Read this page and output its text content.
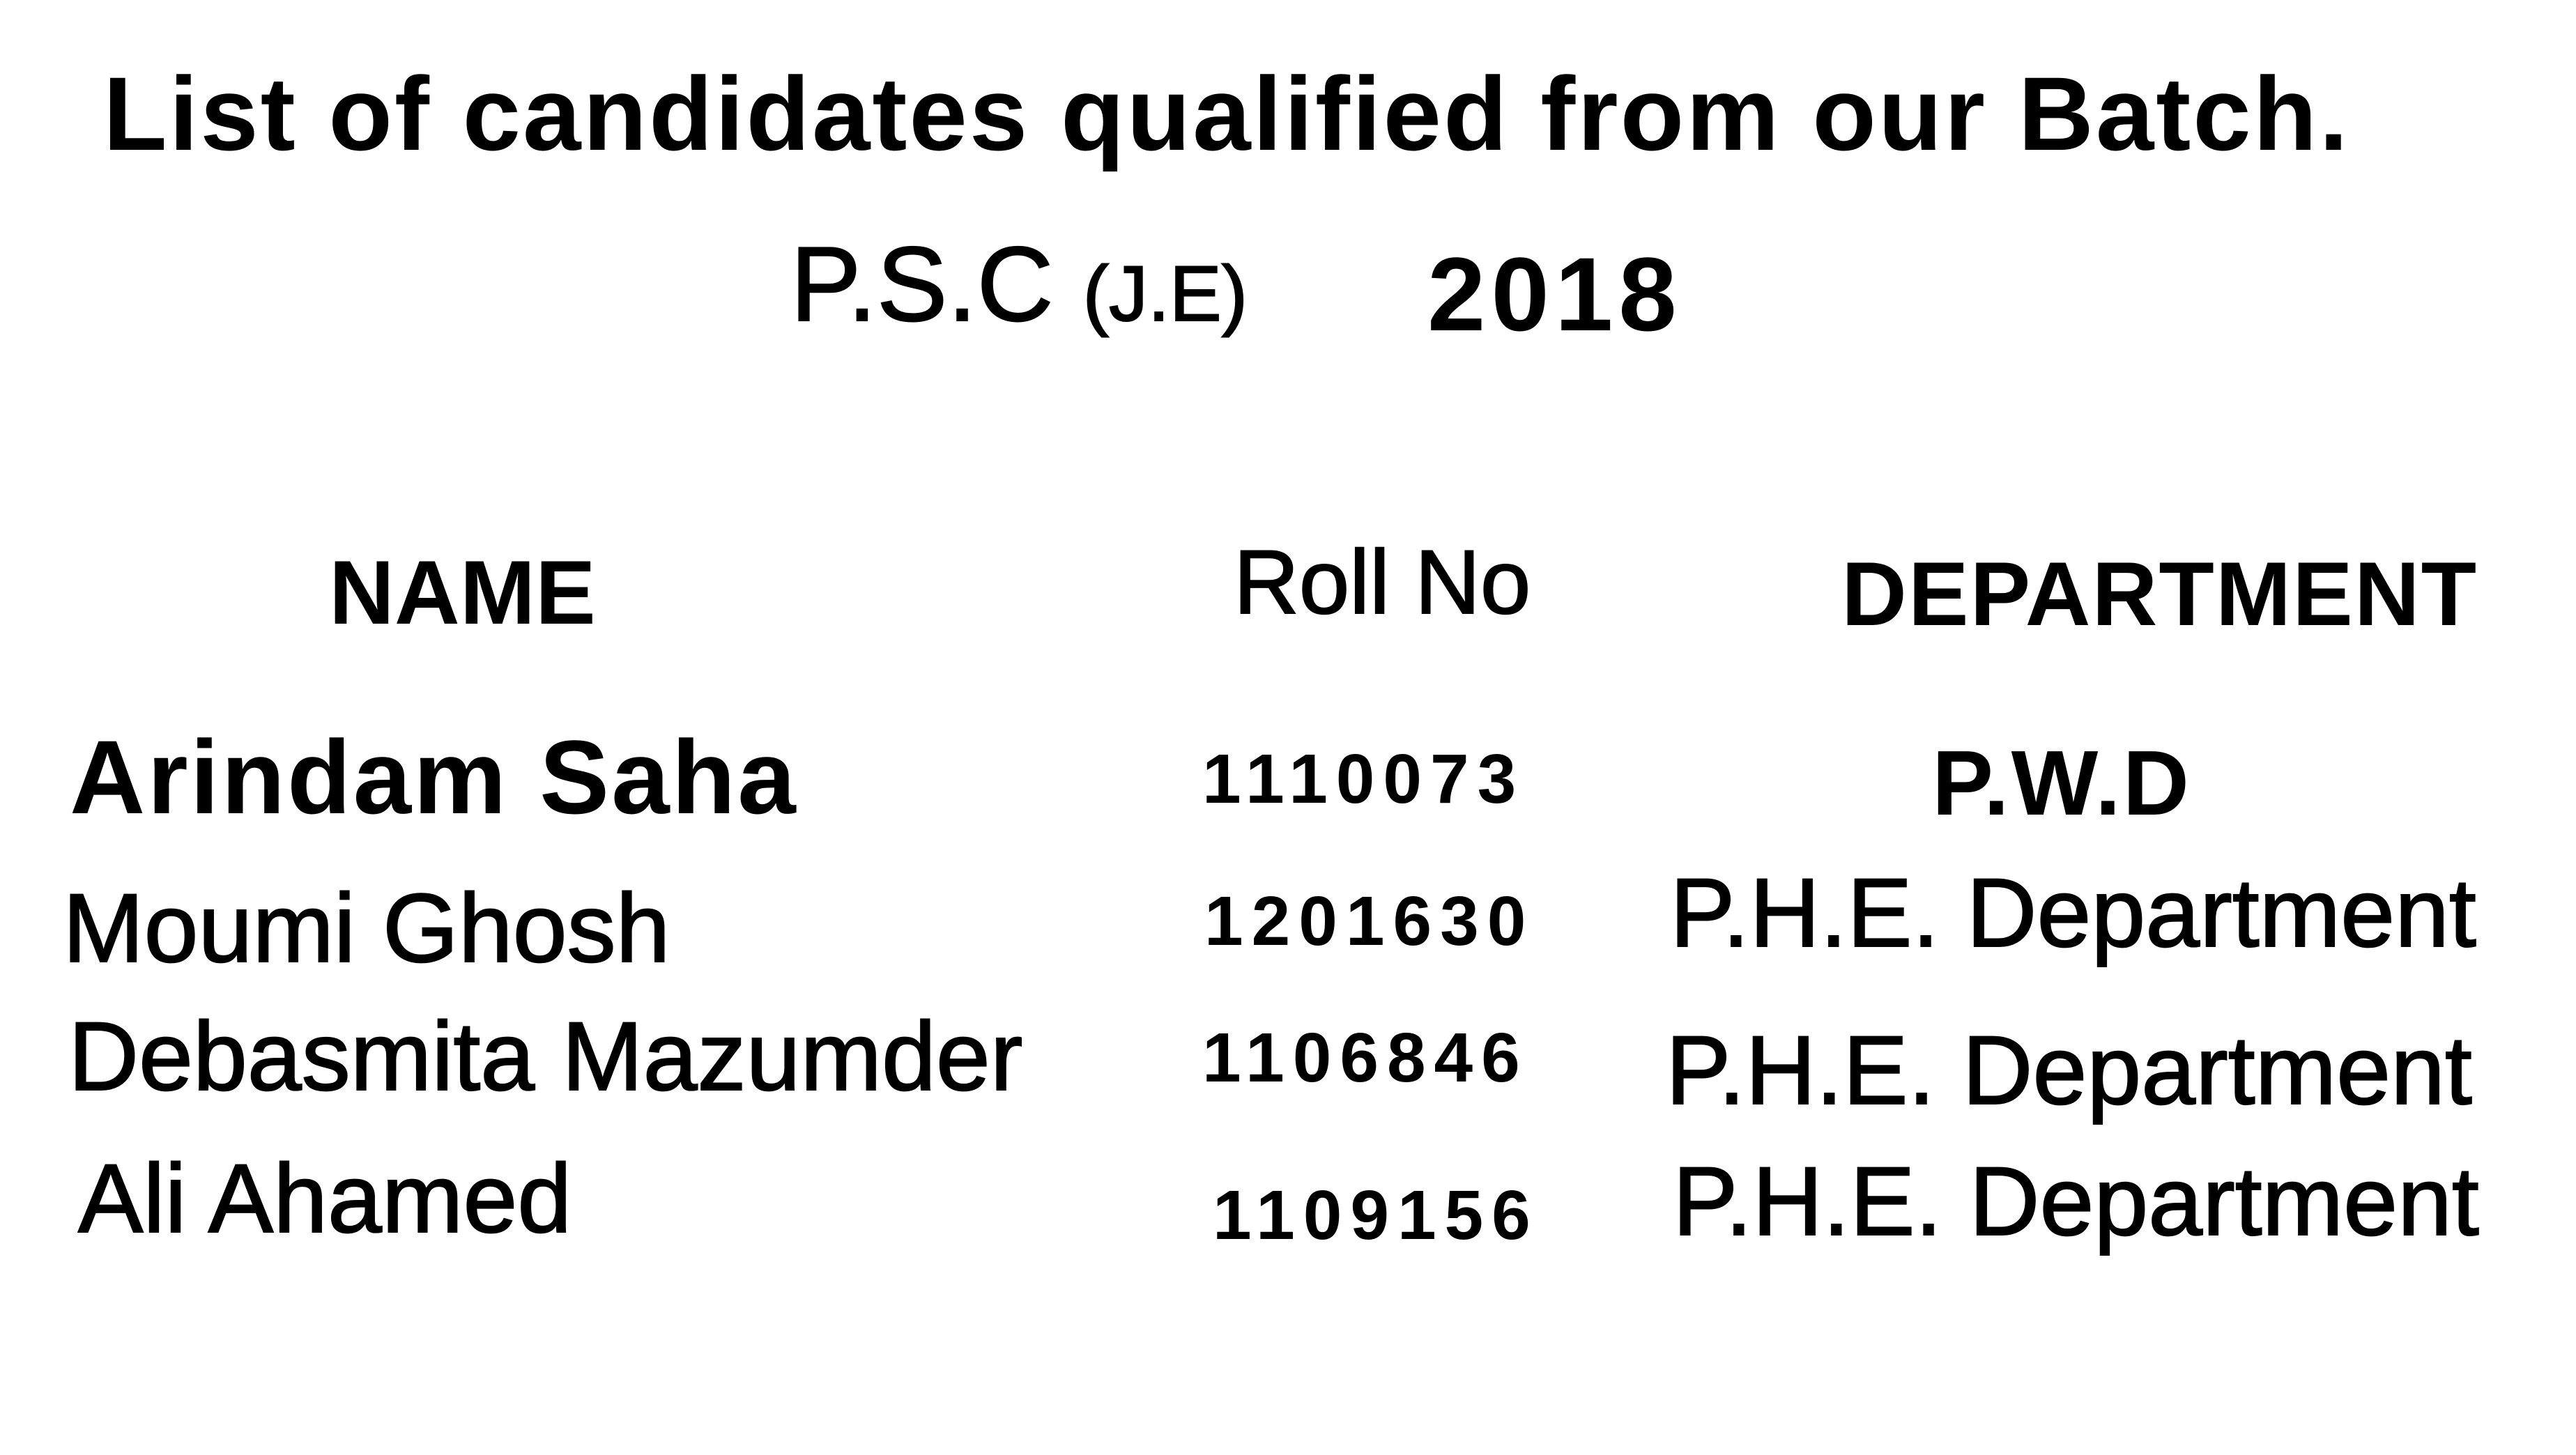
List of candidates qualified from our Batch.
P.S.C (J.E) 2018
NAME	Roll No	DEPARTMENT
Arindam Saha	1110073	P.W.D
Moumi Ghosh	1201630 P.H.E. Department
Debasmita Mazumder	1106846 P.H.E. Department
Ali Ahamed	1109156 P.H.E. Department
